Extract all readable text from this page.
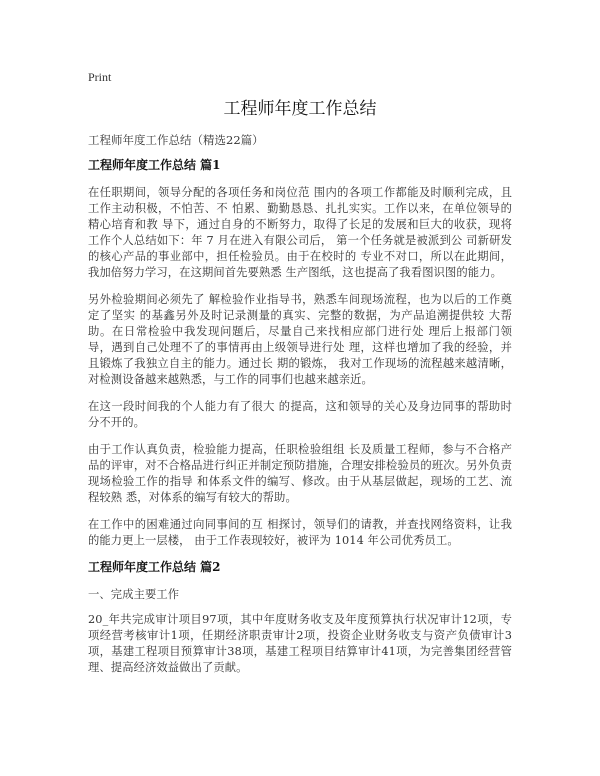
Print
工程师年度工作总结

工程师年度工作总结（精选22篇）

工程师年度工作总结 篇1

在任职期间，领导分配的各项任务和岗位范 围内的各项工作都能及时顺利完成，且工作主动积极，不怕苦、不 怕累、勤勤恳恳、扎扎实实。工作以来，在单位领导的精心培育和教 导下，通过自身的不断努力，取得了长足的发展和巨大的收获，现将 工作个人总结如下：年 7 月在进入有限公司后， 第一个任务就是被派到公 司新研发的核心产品的事业部中，担任检验员。由于在校时的 专业不对口，所以在此期间，我加倍努力学习，在这期间首先要熟悉 生产图纸，这也提高了我看图识图的能力。

另外检验期间必须先了 解检验作业指导书，熟悉车间现场流程，也为以后的工作奠定了坚实 的基鑫另外及时记录测量的真实、完整的数据，为产品追溯提供较 大帮助。在日常检验中我发现问题后，尽量自己来找相应部门进行处 理后上报部门领导，遇到自己处理不了的事情再由上级领导进行处 理，这样也增加了我的经验，并且锻炼了我独立自主的能力。通过长 期的锻炼， 我对工作现场的流程越来越清晰，对检测设备越来越熟悉，与工作的同事们也越来越亲近。

在这一段时间我的个人能力有了很大 的提高，这和领导的关心及身边同事的帮助时分不开的。

由于工作认真负责，检验能力提高，任职检验组组 长及质量工程师，参与不合格产品的评审，对不合格品进行纠正并制定预防措施，合理安排检验员的班次。另外负责现场检验工作的指导 和体系文件的编写、修改。由于从基层做起，现场的工艺、流程较熟 悉，对体系的编写有较大的帮助。

在工作中的困难通过向同事间的互 相探讨，领导们的请教，并查找网络资料，让我的能力更上一层楼， 由于工作表现较好，被评为 1014 年公司优秀员工。

工程师年度工作总结 篇2

一、完成主要工作

20_年共完成审计项目97项，其中年度财务收支及年度预算执行状况审计12项，专项经营考核审计1项，任期经济职责审计2项，投资企业财务收支与资产负债审计3项，基建工程项目预算审计38项，基建工程项目结算审计41项，为完善集团经营管理、提高经济效益做出了贡献。
